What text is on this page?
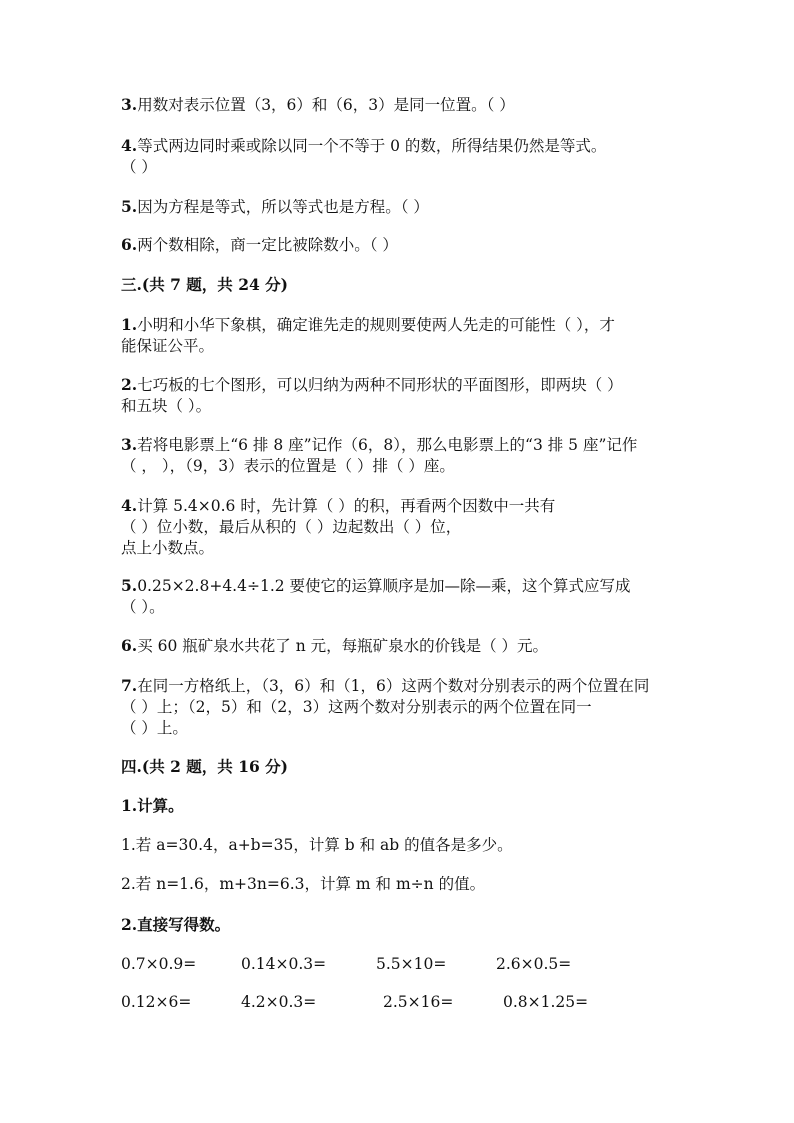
3.用数对表示位置（3，6）和（6，3）是同一位置。（ ）
4.等式两边同时乘或除以同一个不等于 0 的数，所得结果仍然是等式。
（ ）
5.因为方程是等式，所以等式也是方程。（ ）
6.两个数相除，商一定比被除数小。（ ）
三.(共 7 题，共 24 分)
1.小明和小华下象棋，确定谁先走的规则要使两人先走的可能性（ ），才
能保证公平。
2.七巧板的七个图形，可以归纳为两种不同形状的平面图形，即两块（ ）
和五块（ ）。
3.若将电影票上“6 排 8 座”记作（6，8），那么电影票上的“3 排 5 座”记作
（ ， ），（9，3）表示的位置是（ ）排（ ）座。
4.计算 5.4×0.6 时，先计算（ ）的积，再看两个因数中一共有
（ ）位小数，最后从积的（ ）边起数出（ ）位，
点上小数点。
5.0.25×2.8+4.4÷1.2 要使它的运算顺序是加—除—乘，这个算式应写成
（ ）。
6.买 60 瓶矿泉水共花了 n 元，每瓶矿泉水的价钱是（ ）元。
7.在同一方格纸上，（3，6）和（1，6）这两个数对分别表示的两个位置在同
（ ）上；（2，5）和（2，3）这两个数对分别表示的两个位置在同一
（ ）上。
四.(共 2 题，共 16 分)
1.计算。
1.若 a=30.4，a+b=35，计算 b 和 ab 的值各是多少。
2.若 n=1.6，m+3n=6.3，计算 m 和 m÷n 的值。
2.直接写得数。
0.7×0.9=	0.14×0.3=	5.5×10=	2.6×0.5=
0.12×6=	4.2×0.3=	2.5×16=	0.8×1.25=
